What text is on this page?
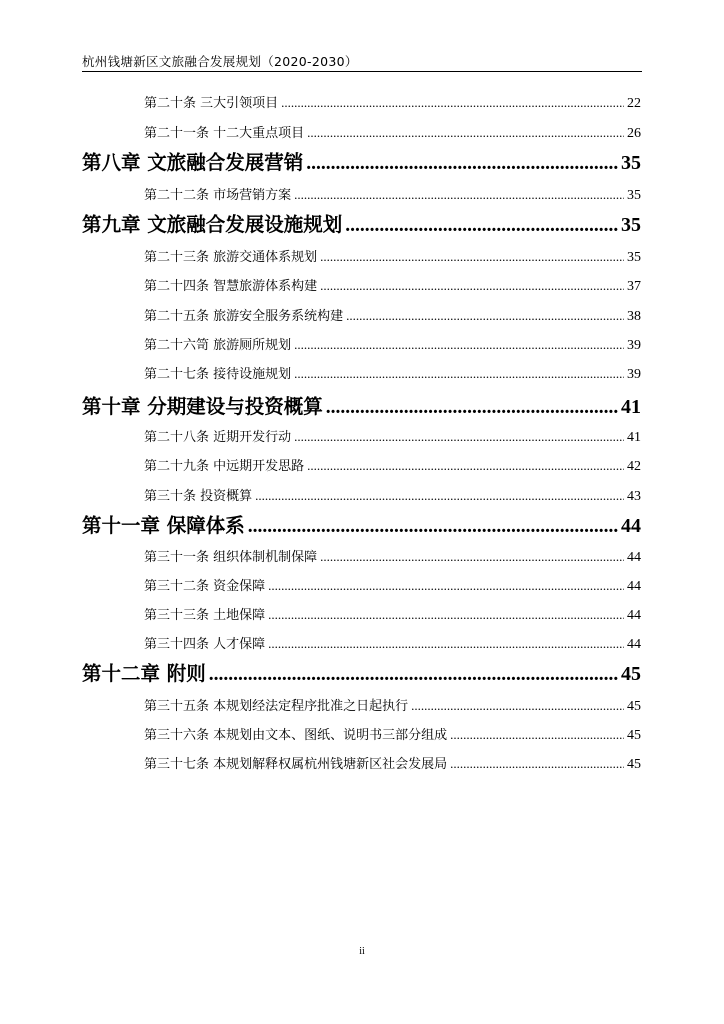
杭州钱塘新区文旅融合发展规划（2020-2030）
第二十条 三大引领项目 .....	22
第二十一条 十二大重点项目 .....	26
第八章 文旅融合发展营销 .....	35
第二十二条 市场营销方案 .....	35
第九章 文旅融合发展设施规划 .....	35
第二十三条 旅游交通体系规划 .....	35
第二十四条 智慧旅游体系构建 .....	37
第二十五条 旅游安全服务系统构建 .....	38
第二十六笥 旅游厕所规划 .....	39
第二十七条 接待设施规划 .....	39
第十章 分期建设与投资概算 .....	41
第二十八条 近期开发行动 .....	41
第二十九条 中远期开发思路 .....	42
第三十条 投资概算 .....	43
第十一章 保障体系 .....	44
第三十一条 组织体制机制保障 .....	44
第三十二条 资金保障 .....	44
第三十三条 土地保障 .....	44
第三十四条 人才保障 .....	44
第十二章 附则 .....	45
第三十五条 本规划经法定程序批准之日起执行 .....	45
第三十六条 本规划由文本、图纸、说明书三部分组成 .....	45
第三十七条 本规划解释权属杭州钱塘新区社会发展局 .....	45
ii
